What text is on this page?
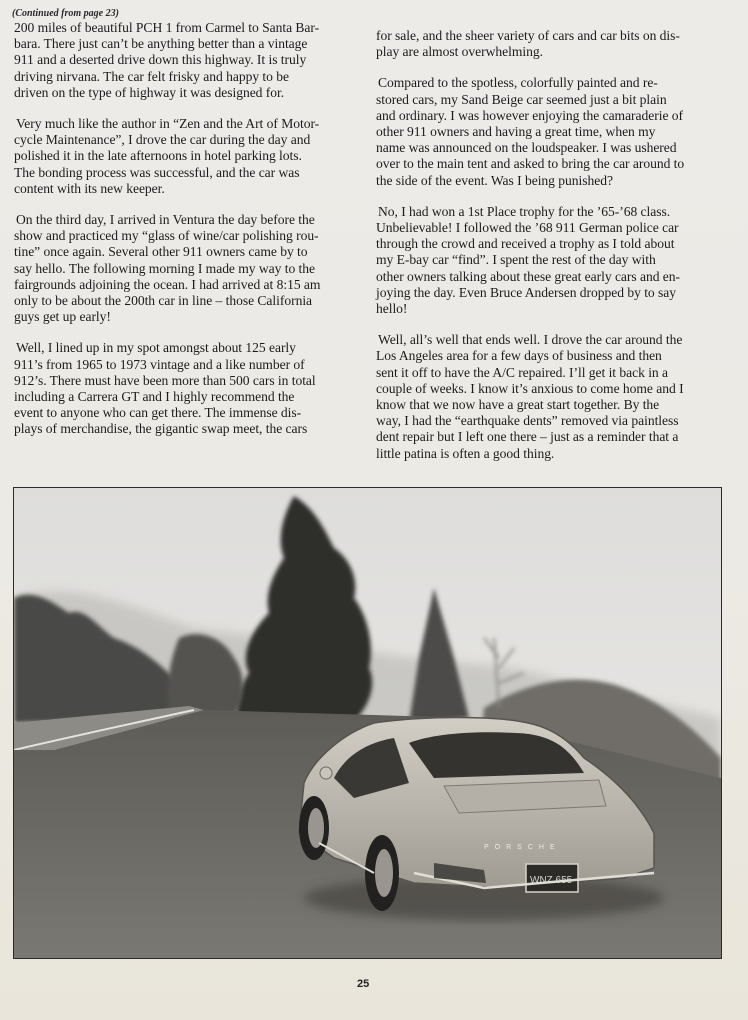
(Continued from page 23)

200 miles of beautiful PCH 1 from Carmel to Santa Bar-
bara. There just can’t be anything better than a vintage
911 and a deserted drive down this highway. It is truly
driving nirvana. The car felt frisky and happy to be
driven on the type of highway it was designed for.

Very much like the author in “Zen and the Art of Motor-
cycle Maintenance”, I drove the car during the day and
polished it in the late afternoons in hotel parking lots.
The bonding process was successful, and the car was
content with its new keeper.

On the third day, I arrived in Ventura the day before the
show and practiced my “glass of wine/car polishing rou-
tine” once again. Several other 911 owners came by to
say hello. The following morning I made my way to the
fairgrounds adjoining the ocean. I had arrived at 8:15 am
only to be about the 200th car in line – those California
guys get up early!

Well, I lined up in my spot amongst about 125 early
911’s from 1965 to 1973 vintage and a like number of
912’s. There must have been more than 500 cars in total
including a Carrera GT and I highly recommend the
event to anyone who can get there. The immense dis-
plays of merchandise, the gigantic swap meet, the cars

for sale, and the sheer variety of cars and car bits on dis-
play are almost overwhelming.

Compared to the spotless, colorfully painted and re-
stored cars, my Sand Beige car seemed just a bit plain
and ordinary. I was however enjoying the camaraderie of
other 911 owners and having a great time, when my
name was announced on the loudspeaker. I was ushered
over to the main tent and asked to bring the car around to
the side of the event. Was I being punished?

No, I had won a 1st Place trophy for the ’65-’68 class.
Unbelievable! I followed the ’68 911 German police car
through the crowd and received a trophy as I told about
my E-bay car “find”. I spent the rest of the day with
other owners talking about these great early cars and en-
joying the day. Even Bruce Andersen dropped by to say
hello!

Well, all’s well that ends well. I drove the car around the
Los Angeles area for a few days of business and then
sent it off to have the A/C repaired. I’ll get it back in a
couple of weeks. I know it’s anxious to come home and I
know that we now have a great start together. By the
way, I had the “earthquake dents” removed via paintless
dent repair but I left one there – just as a reminder that a
little patina is often a good thing.

PORSCHE
WNZ 655
25
